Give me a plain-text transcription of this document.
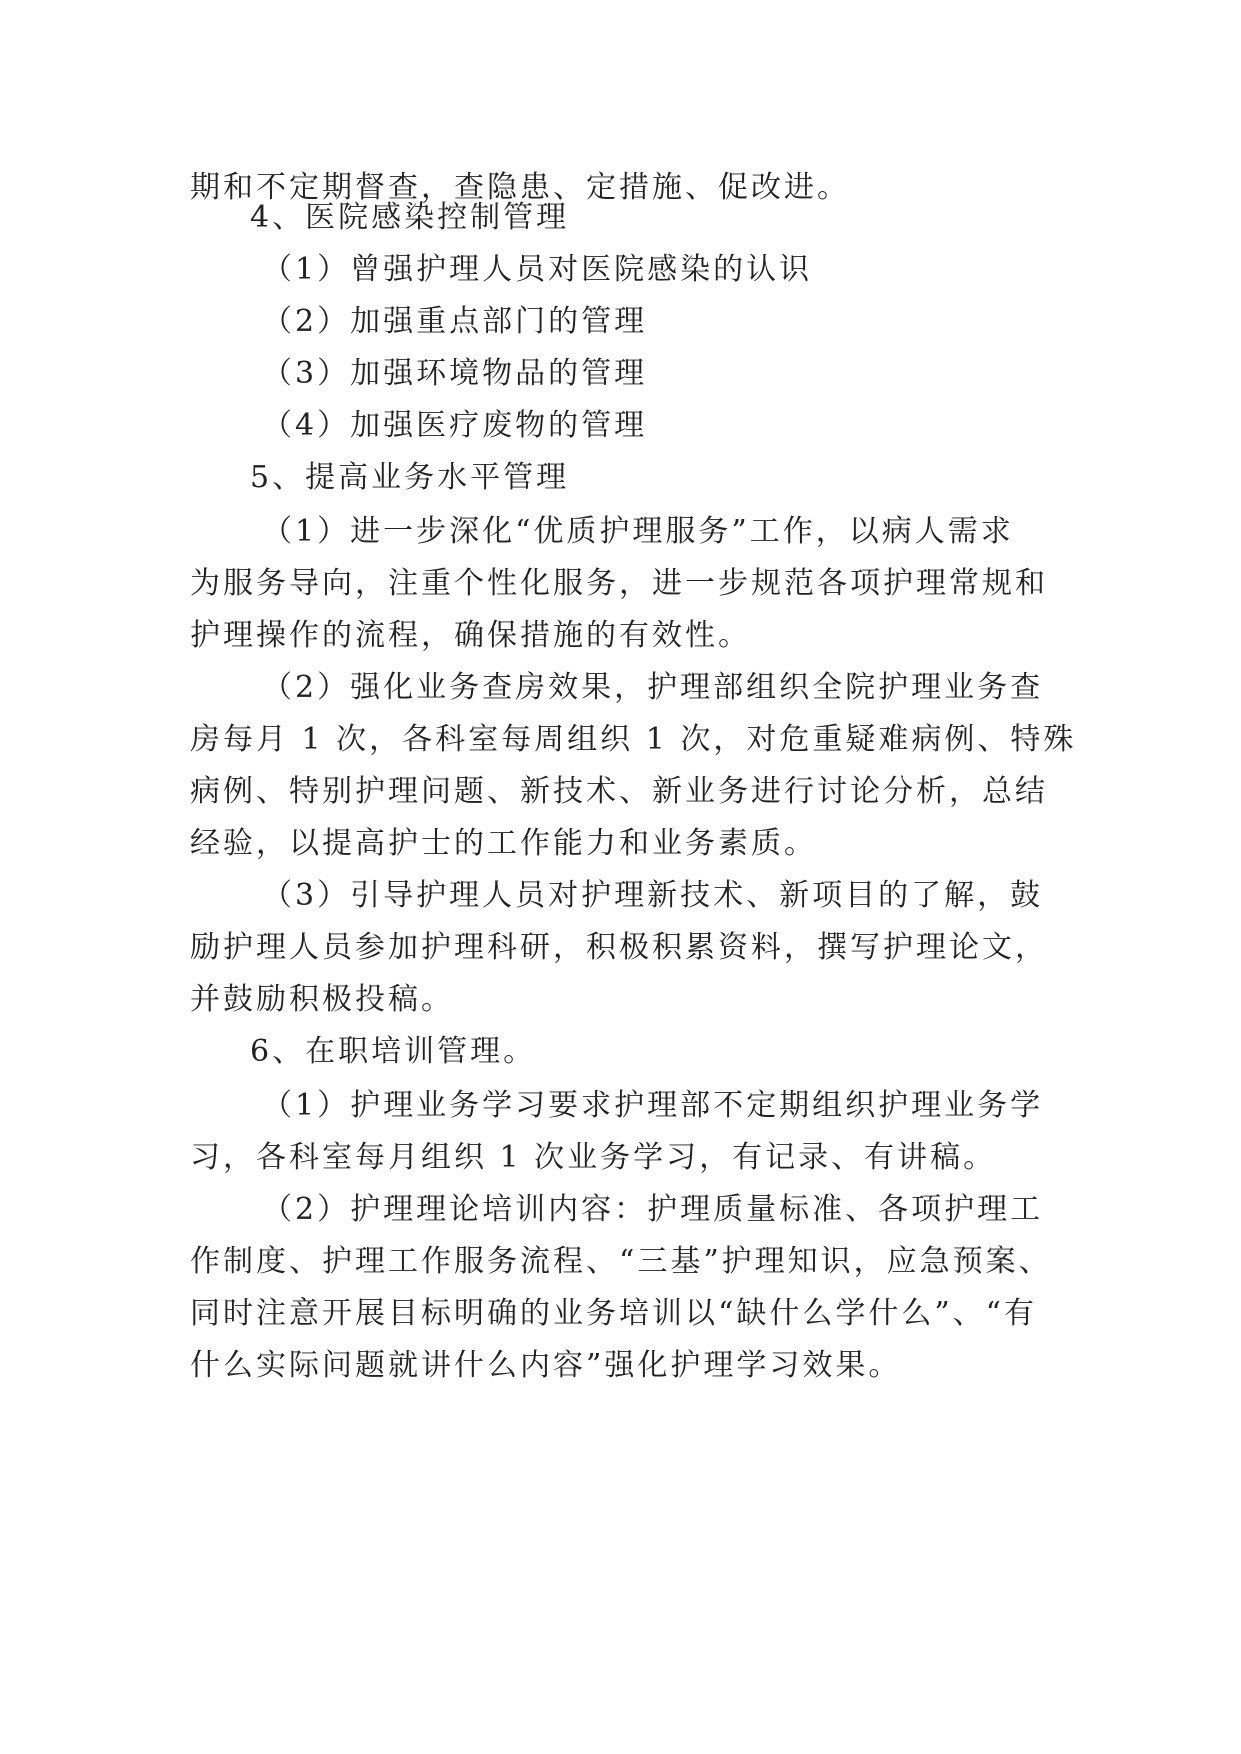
期和不定期督查，查隐患、定措施、促改进。
4、医院感染控制管理
（1）曾强护理人员对医院感染的认识
（2）加强重点部门的管理
（3）加强环境物品的管理
（4）加强医疗废物的管理
5、提高业务水平管理
（1）进一步深化“优质护理服务”工作，以病人需求
为服务导向，注重个性化服务，进一步规范各项护理常规和
护理操作的流程，确保措施的有效性。
（2）强化业务查房效果，护理部组织全院护理业务查
房每月 1 次，各科室每周组织 1 次，对危重疑难病例、特殊
病例、特别护理问题、新技术、新业务进行讨论分析，总结
经验，以提高护士的工作能力和业务素质。
（3）引导护理人员对护理新技术、新项目的了解，鼓
励护理人员参加护理科研，积极积累资料，撰写护理论文，
并鼓励积极投稿。
6、在职培训管理。
（1）护理业务学习要求护理部不定期组织护理业务学
习，各科室每月组织 1 次业务学习，有记录、有讲稿。
（2）护理理论培训内容：护理质量标准、各项护理工
作制度、护理工作服务流程、“三基”护理知识，应急预案、
同时注意开展目标明确的业务培训以“缺什么学什么”、“有
什么实际问题就讲什么内容”强化护理学习效果。
